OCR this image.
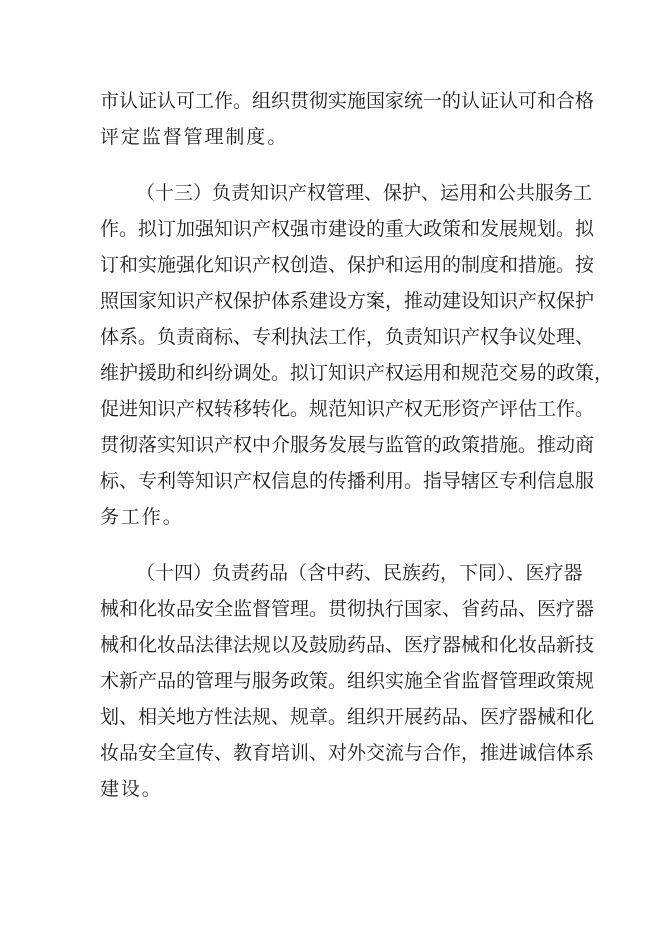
市认证认可工作。组织贯彻实施国家统一的认证认可和合格
评定监督管理制度。
（十三）负责知识产权管理、保护、运用和公共服务工
作。拟订加强知识产权强市建设的重大政策和发展规划。拟
订和实施强化知识产权创造、保护和运用的制度和措施。按
照国家知识产权保护体系建设方案，推动建设知识产权保护
体系。负责商标、专利执法工作，负责知识产权争议处理、
维护援助和纠纷调处。拟订知识产权运用和规范交易的政策，
促进知识产权转移转化。规范知识产权无形资产评估工作。
贯彻落实知识产权中介服务发展与监管的政策措施。推动商
标、专利等知识产权信息的传播利用。指导辖区专利信息服
务工作。
（十四）负责药品（含中药、民族药，下同）、医疗器
械和化妆品安全监督管理。贯彻执行国家、省药品、医疗器
械和化妆品法律法规以及鼓励药品、医疗器械和化妆品新技
术新产品的管理与服务政策。组织实施全省监督管理政策规
划、相关地方性法规、规章。组织开展药品、医疗器械和化
妆品安全宣传、教育培训、对外交流与合作，推进诚信体系
建设。
